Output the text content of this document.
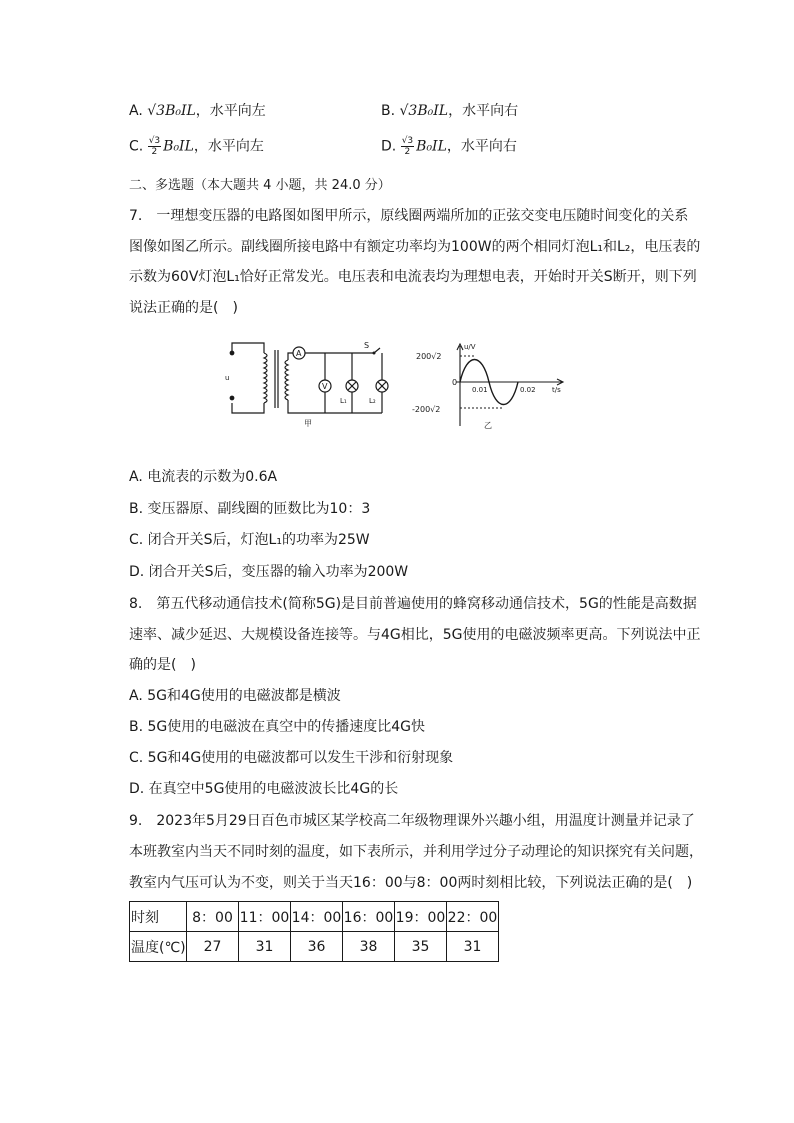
A. √3B₀IL，水平向左	B. √3B₀IL，水平向右
C. $\frac{√3}{2} B_0IL$，水平向左	D. $\frac{√3}{2} B_0IL$，水平向右
二、多选题（本大题共 4 小题，共 24.0 分）
7.　一理想变压器的电路图如图甲所示，原线圈两端所加的正弦交变电压随时间变化的关系
图像如图乙所示。副线圈所接电路中有额定功率均为100W的两个相同灯泡L₁和L₂，电压表的
示数为60V灯泡L₁恰好正常发光。电压表和电流表均为理想电表，开始时开关S断开，则下列
说法正确的是(　)
u
A
V
S
L₁	L₂
甲
u/V
t/s
200√2
-200√2
0
0.01	0.02
乙
A. 电流表的示数为0.6A
B. 变压器原、副线圈的匝数比为10：3
C. 闭合开关S后，灯泡L₁的功率为25W
D. 闭合开关S后，变压器的输入功率为200W
8.　第五代移动通信技术(简称5G)是目前普遍使用的蜂窝移动通信技术，5G的性能是高数据
速率、减少延迟、大规模设备连接等。与4G相比，5G使用的电磁波频率更高。下列说法中正
确的是(　)
A. 5G和4G使用的电磁波都是横波
B. 5G使用的电磁波在真空中的传播速度比4G快
C. 5G和4G使用的电磁波都可以发生干涉和衍射现象
D. 在真空中5G使用的电磁波波长比4G的长
9.　2023年5月29日百色市城区某学校高二年级物理课外兴趣小组，用温度计测量并记录了
本班教室内当天不同时刻的温度，如下表所示，并利用学过分子动理论的知识探究有关问题，
教室内气压可认为不变，则关于当天16：00与8：00两时刻相比较，下列说法正确的是(　)
时刻	8：00	11：00	14：00	16：00	19：00	22：00
温度(℃)	27	31	36	38	35	31
